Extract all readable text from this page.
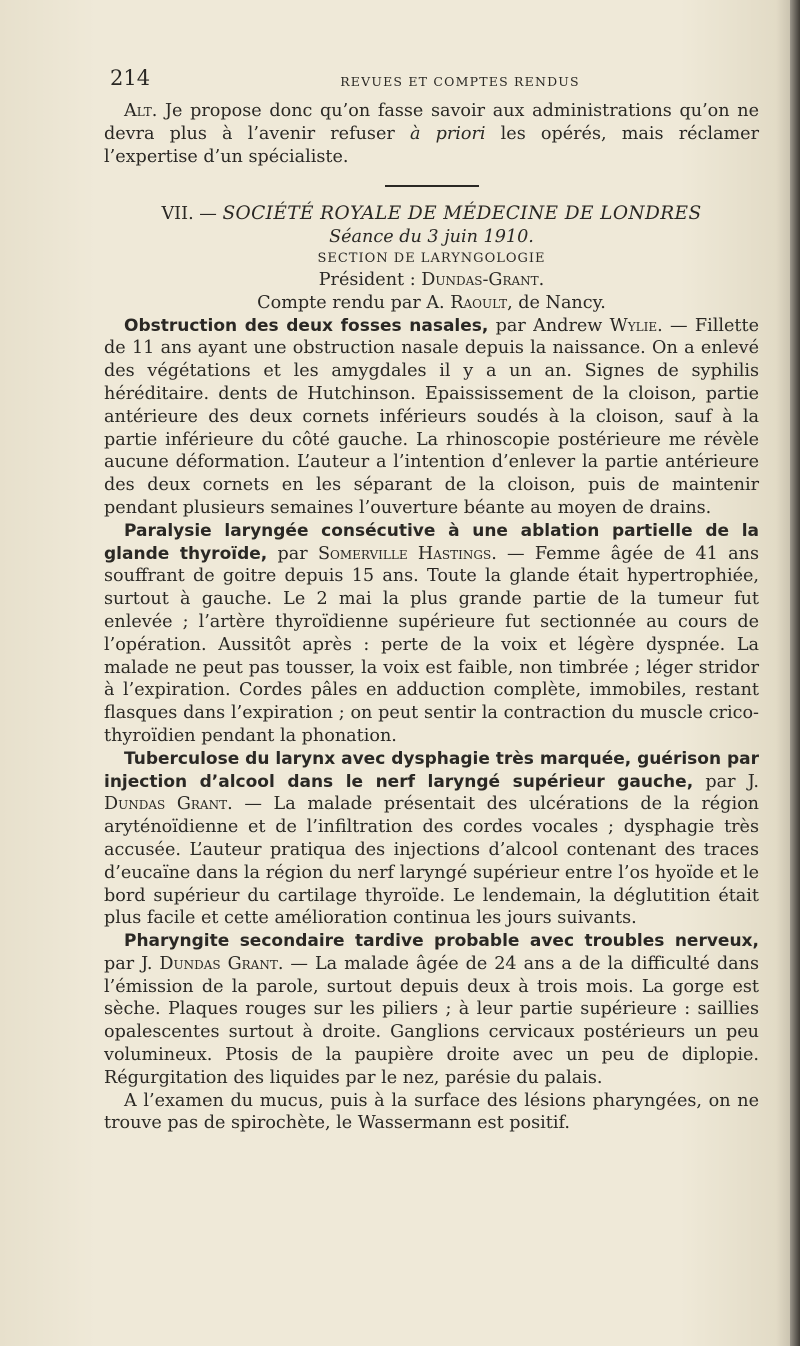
214	REVUES ET COMPTES RENDUS

Alt. Je propose donc qu’on fasse savoir aux administrations qu’on ne devra plus à l’avenir refuser à priori les opérés, mais réclamer l’expertise d’un spécialiste.

VII. — SOCIÉTÉ ROYALE DE MÉDECINE DE LONDRES

Séance du 3 juin 1910.

SECTION DE LARYNGOLOGIE

Président : Dundas-Grant.

Compte rendu par A. Raoult, de Nancy.

Obstruction des deux fosses nasales, par Andrew Wylie. — Fillette de 11 ans ayant une obstruction nasale depuis la naissance. On a enlevé des végétations et les amygdales il y a un an. Signes de syphilis héréditaire. dents de Hutchinson. Epaississement de la cloison, partie antérieure des deux cornets inférieurs soudés à la cloison, sauf à la partie inférieure du côté gauche. La rhinoscopie postérieure me révèle aucune déformation. L’auteur a l’intention d’enlever la partie antérieure des deux cornets en les séparant de la cloison, puis de maintenir pendant plusieurs semaines l’ouverture béante au moyen de drains.

Paralysie laryngée consécutive à une ablation partielle de la glande thyroïde, par Somerville Hastings. — Femme âgée de 41 ans souffrant de goitre depuis 15 ans. Toute la glande était hypertrophiée, surtout à gauche. Le 2 mai la plus grande partie de la tumeur fut enlevée ; l’artère thyroïdienne supérieure fut sectionnée au cours de l’opération. Aussitôt après : perte de la voix et légère dyspnée. La malade ne peut pas tousser, la voix est faible, non timbrée ; léger stridor à l’expiration. Cordes pâles en adduction complète, immobiles, restant flasques dans l’expiration ; on peut sentir la contraction du muscle crico-thyroïdien pendant la phonation.

Tuberculose du larynx avec dysphagie très marquée, guérison par injection d’alcool dans le nerf laryngé supérieur gauche, par J. Dundas Grant. — La malade présentait des ulcérations de la région aryténoïdienne et de l’infiltration des cordes vocales ; dysphagie très accusée. L’auteur pratiqua des injections d’alcool contenant des traces d’eucaïne dans la région du nerf laryngé supérieur entre l’os hyoïde et le bord supérieur du cartilage thyroïde. Le lendemain, la déglutition était plus facile et cette amélioration continua les jours suivants.

Pharyngite secondaire tardive probable avec troubles nerveux, par J. Dundas Grant. — La malade âgée de 24 ans a de la difficulté dans l’émission de la parole, surtout depuis deux à trois mois. La gorge est sèche. Plaques rouges sur les piliers ; à leur partie supérieure : saillies opalescentes surtout à droite. Ganglions cervicaux postérieurs un peu volumineux. Ptosis de la paupière droite avec un peu de diplopie. Régurgitation des liquides par le nez, parésie du palais.

A l’examen du mucus, puis à la surface des lésions pharyngées, on ne trouve pas de spirochète, le Wassermann est positif.
